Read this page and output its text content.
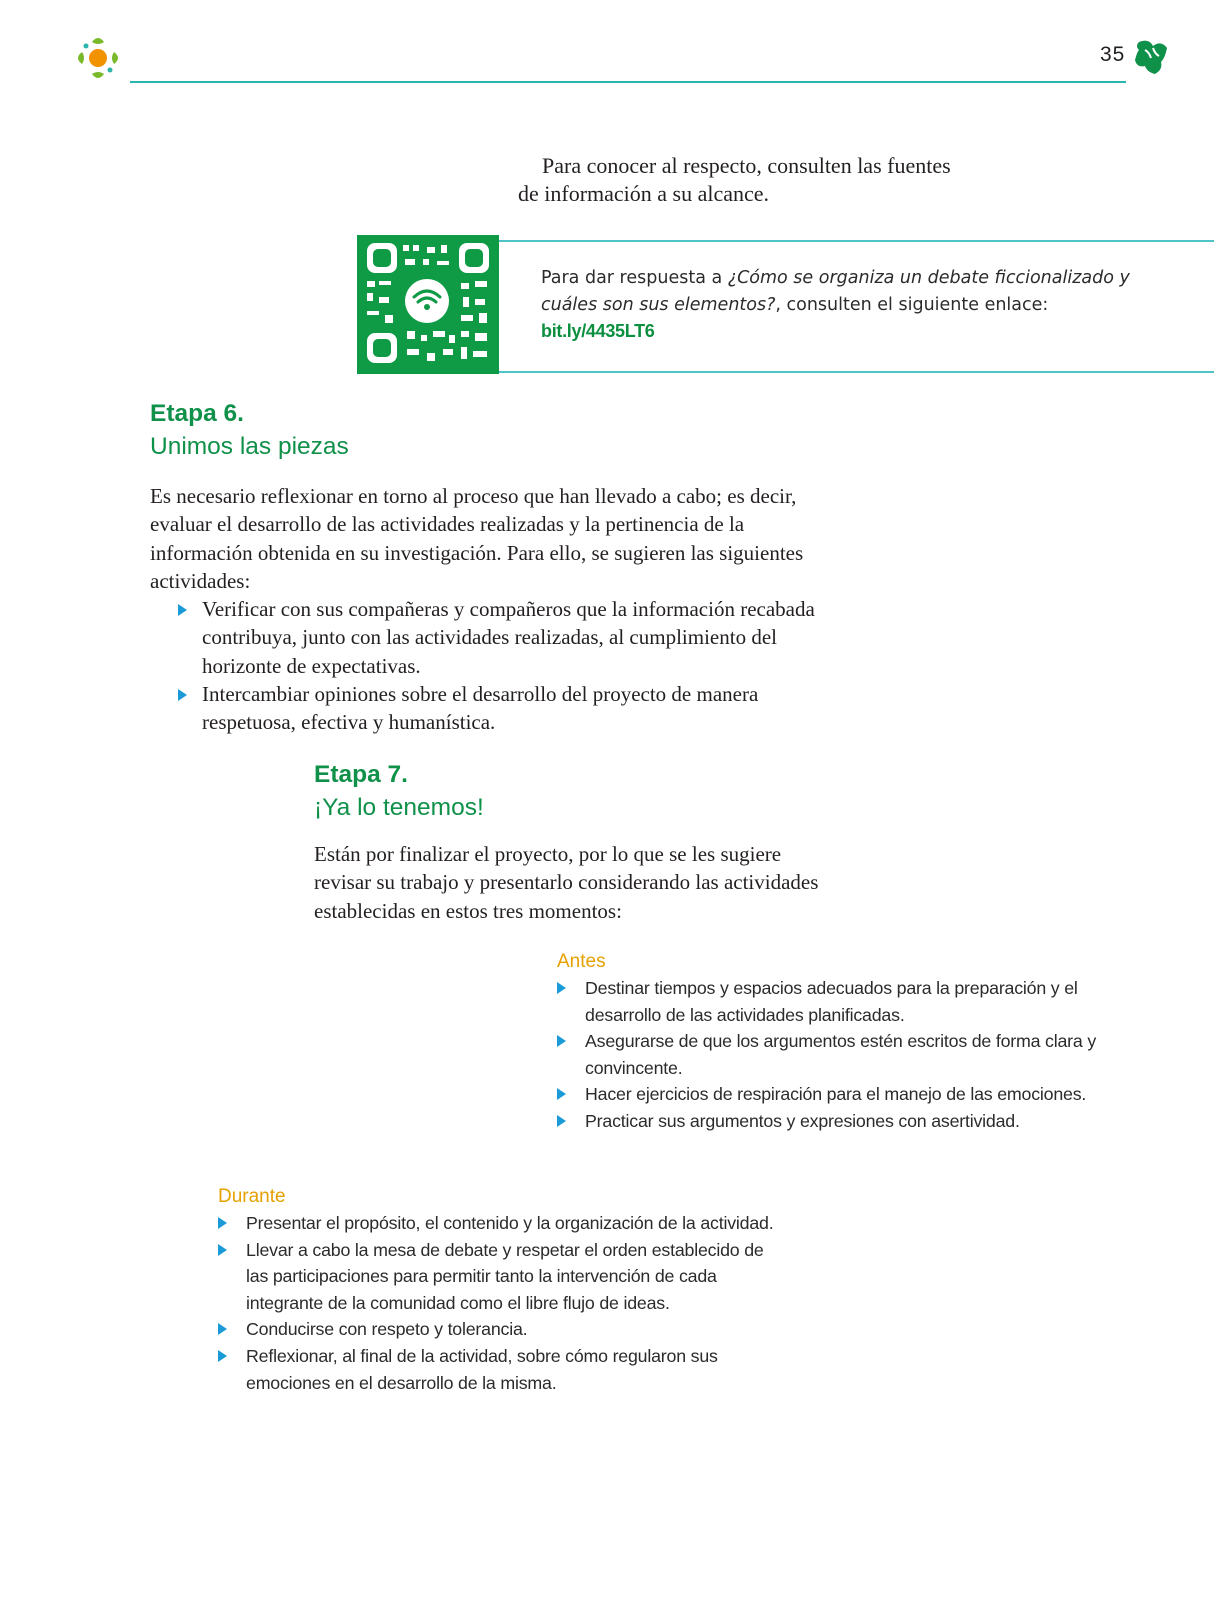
35

Para conocer al respecto, consulten las fuentes

de información a su alcance.

Para dar respuesta a ¿Cómo se organiza un debate ficcionalizado y cuáles son sus elementos?, consulten el siguiente enlace:
bit.ly/4435LT6
Etapa 6.
Unimos las piezas

Es necesario reflexionar en torno al proceso que han llevado a cabo; es decir, evaluar el desarrollo de las actividades realizadas y la pertinencia de la información obtenida en su investigación. Para ello, se sugieren las siguientes actividades:

Verificar con sus compañeras y compañeros que la información recabada contribuya, junto con las actividades realizadas, al cumplimiento del horizonte de expectativas.
Intercambiar opiniones sobre el desarrollo del proyecto de manera respetuosa, efectiva y humanística.
Etapa 7.
¡Ya lo tenemos!

Están por finalizar el proyecto, por lo que se les sugiere revisar su trabajo y presentarlo considerando las actividades establecidas en estos tres momentos:

Antes
Destinar tiempos y espacios adecuados para la preparación y el desarrollo de las actividades planificadas.
Asegurarse de que los argumentos estén escritos de forma clara y convincente.
Hacer ejercicios de respiración para el manejo de las emociones.
Practicar sus argumentos y expresiones con asertividad.
Durante
Presentar el propósito, el contenido y la organización de la actividad.
Llevar a cabo la mesa de debate y respetar el orden establecido de las participaciones para permitir tanto la intervención de cada integrante de la comunidad como el libre flujo de ideas.
Conducirse con respeto y tolerancia.
Reflexionar, al final de la actividad, sobre cómo regularon sus emociones en el desarrollo de la misma.
